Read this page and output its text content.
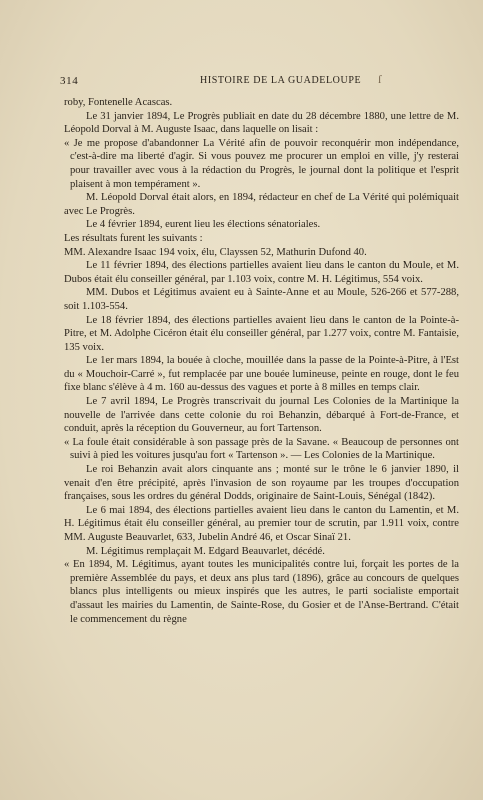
314	HISTOIRE DE LA GUADELOUPE ſ

roby, Fontenelle Acascas.

Le 31 janvier 1894, Le Progrès publiait en date du 28 décembre 1880, une lettre de M. Léopold Dorval à M. Auguste Isaac, dans laquelle on lisait :

« Je me propose d'abandonner La Vérité afin de pouvoir reconquérir mon indépendance, c'est-à-dire ma liberté d'agir. Si vous pouvez me procurer un emploi en ville, j'y resterai pour travailler avec vous à la rédaction du Progrès, le journal dont la politique et l'esprit plaisent à mon tempérament ».

M. Léopold Dorval était alors, en 1894, rédacteur en chef de La Vérité qui polémiquait avec Le Progrès.

Le 4 février 1894, eurent lieu les élections sénatoriales.

Les résultats furent les suivants :

MM. Alexandre Isaac 194 voix, élu, Clayssen 52, Mathurin Dufond 40.

Le 11 février 1894, des élections partielles avaient lieu dans le canton du Moule, et M. Dubos était élu conseiller général, par 1.103 voix, contre M. H. Légitimus, 554 voix.

MM. Dubos et Légitimus avaient eu à Sainte-Anne et au Moule, 526-266 et 577-288, soit 1.103-554.

Le 18 février 1894, des élections partielles avaient lieu dans le canton de la Pointe-à-Pitre, et M. Adolphe Cicéron était élu conseiller général, par 1.277 voix, contre M. Fantaisie, 135 voix.

Le 1er mars 1894, la bouée à cloche, mouillée dans la passe de la Pointe-à-Pitre, à l'Est du « Mouchoir-Carré », fut remplacée par une bouée lumineuse, peinte en rouge, dont le feu fixe blanc s'élève à 4 m. 160 au-dessus des vagues et porte à 8 milles en temps clair.

Le 7 avril 1894, Le Progrès transcrivait du journal Les Colonies de la Martinique la nouvelle de l'arrivée dans cette colonie du roi Behanzin, débarqué à Fort-de-France, et conduit, après la réception du Gouverneur, au fort Tartenson.

« La foule était considérable à son passage près de la Savane. « Beaucoup de personnes ont suivi à pied les voitures jusqu'au fort « Tartenson ». — Les Colonies de la Martinique.

Le roi Behanzin avait alors cinquante ans ; monté sur le trône le 6 janvier 1890, il venait d'en être précipité, après l'invasion de son royaume par les troupes d'occupation françaises, sous les ordres du général Dodds, originaire de Saint-Louis, Sénégal (1842).

Le 6 mai 1894, des élections partielles avaient lieu dans le canton du Lamentin, et M. H. Légitimus était élu conseiller général, au premier tour de scrutin, par 1.911 voix, contre MM. Auguste Beauvarlet, 633, Jubelin André 46, et Oscar Sinaï 21.

M. Légitimus remplaçait M. Edgard Beauvarlet, décédé.

« En 1894, M. Légitimus, ayant toutes les municipalités contre lui, forçait les portes de la première Assemblée du pays, et deux ans plus tard (1896), grâce au concours de quelques blancs plus intelligents ou mieux inspirés que les autres, le parti socialiste emportait d'assaut les mairies du Lamentin, de Sainte-Rose, du Gosier et de l'Anse-Bertrand. C'était le commencement du règne
